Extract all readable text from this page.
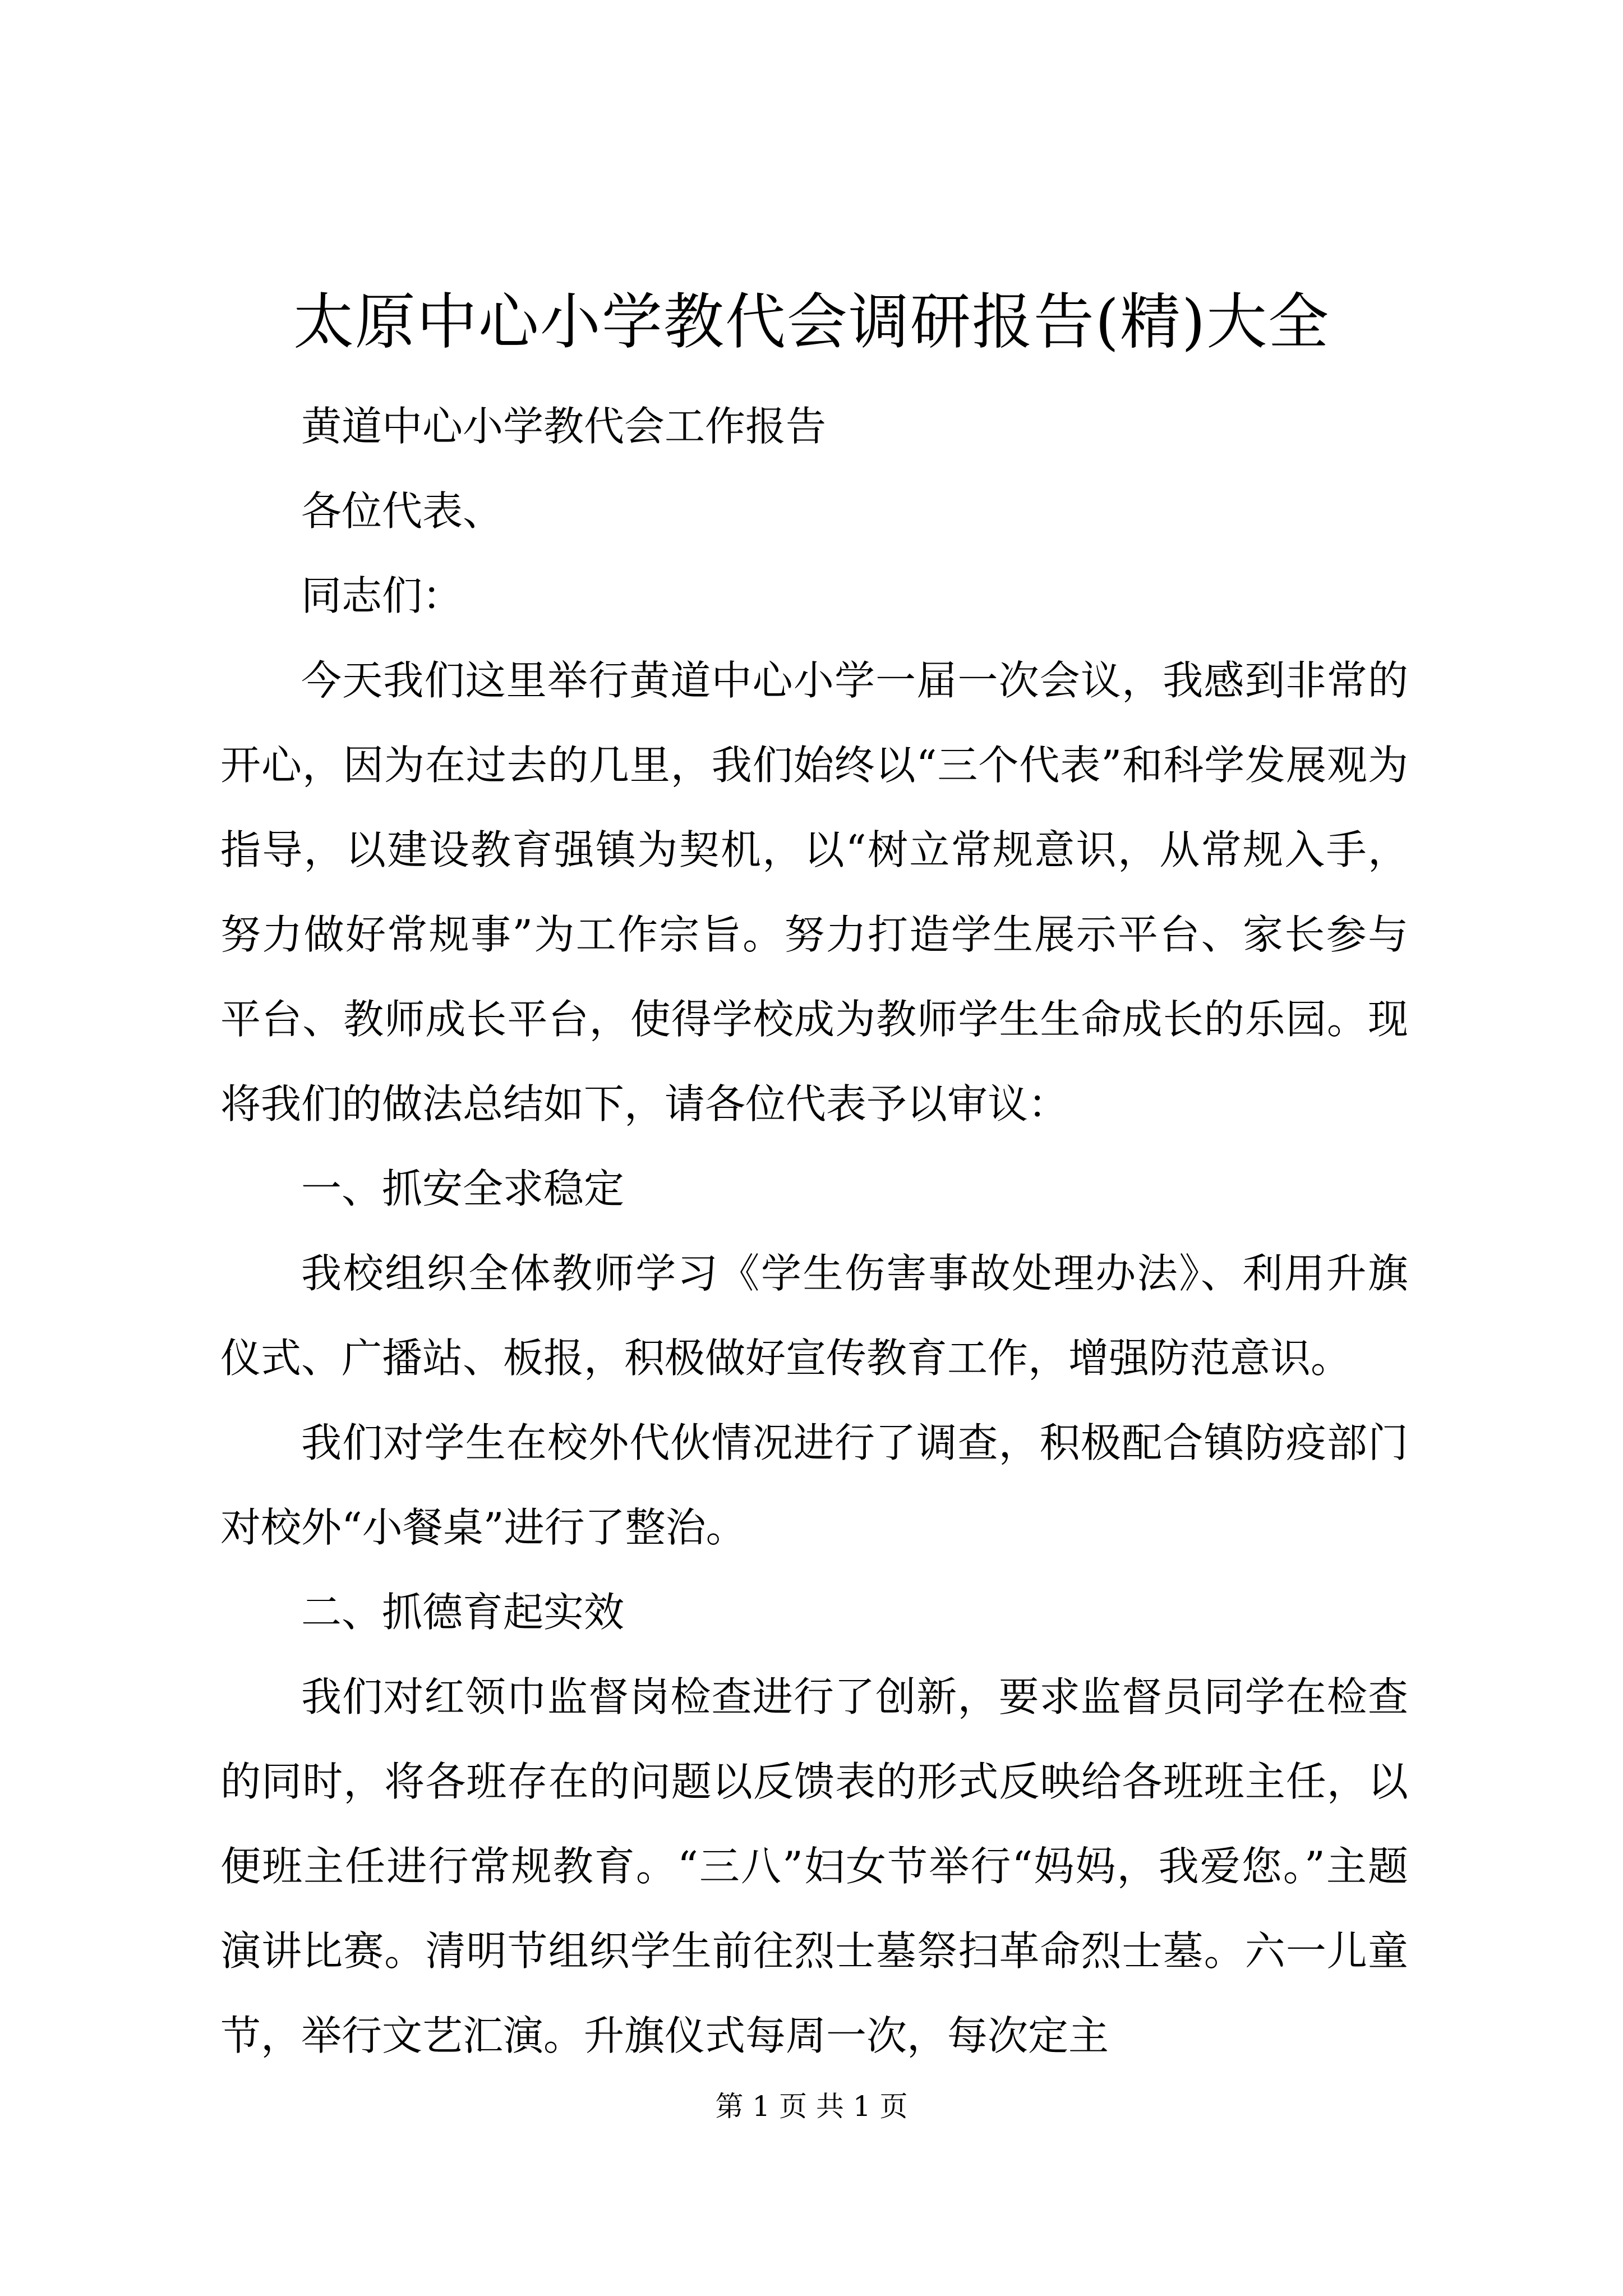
太原中心小学教代会调研报告(精)大全

黄道中心小学教代会工作报告

各位代表、

同志们：

今天我们这里举行黄道中心小学一届一次会议，我感到非常的开心，因为在过去的几里，我们始终以“三个代表”和科学发展观为指导，以建设教育强镇为契机，以“树立常规意识，从常规入手，努力做好常规事”为工作宗旨。努力打造学生展示平台、家长参与平台、教师成长平台，使得学校成为教师学生生命成长的乐园。现将我们的做法总结如下，请各位代表予以审议：

一、抓安全求稳定

我校组织全体教师学习《学生伤害事故处理办法》、利用升旗仪式、广播站、板报，积极做好宣传教育工作，增强防范意识。

我们对学生在校外代伙情况进行了调查，积极配合镇防疫部门对校外“小餐桌”进行了整治。

二、抓德育起实效

我们对红领巾监督岗检查进行了创新，要求监督员同学在检查的同时，将各班存在的问题以反馈表的形式反映给各班班主任，以便班主任进行常规教育。“三八”妇女节举行“妈妈，我爱您。”主题演讲比赛。清明节组织学生前往烈士墓祭扫革命烈士墓。六一儿童节，举行文艺汇演。升旗仪式每周一次，每次定主

第 1 页 共 1 页
